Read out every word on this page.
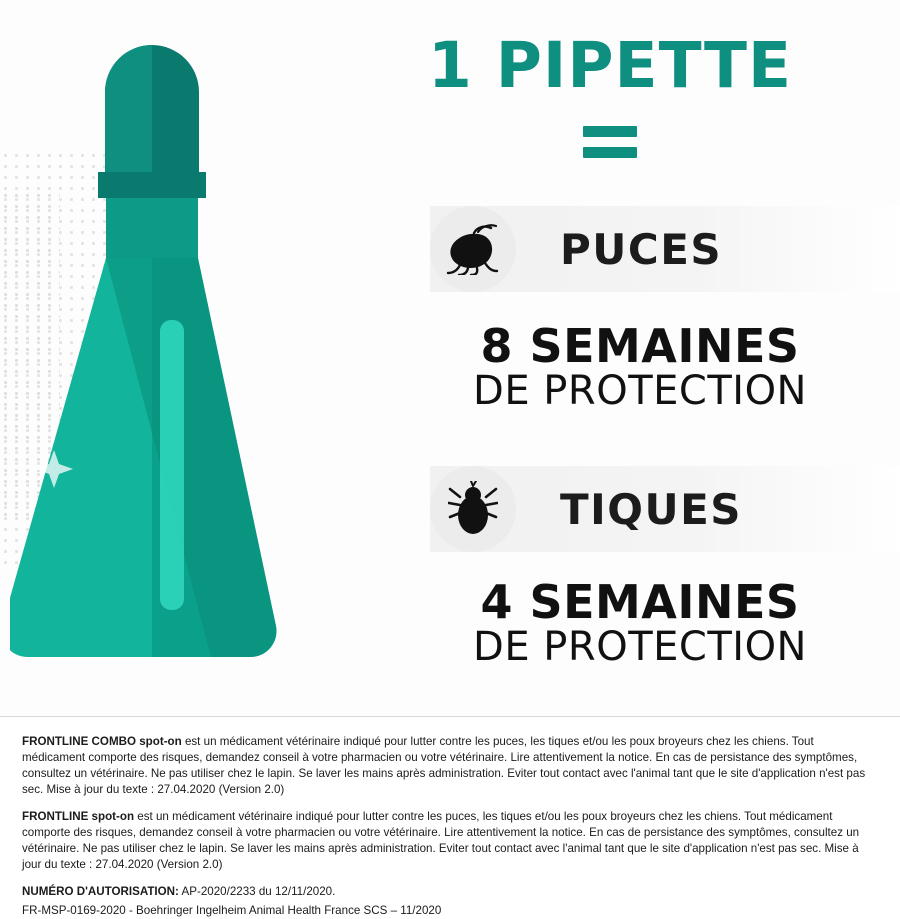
1 PIPETTE
PUCES
8 SEMAINES
DE PROTECTION
TIQUES
4 SEMAINES
DE PROTECTION

FRONTLINE COMBO spot-on est un médicament vétérinaire indiqué pour lutter contre les puces, les tiques et/ou les poux broyeurs chez les chiens. Tout médicament comporte des risques, demandez conseil à votre pharmacien ou votre vétérinaire. Lire attentivement la notice. En cas de persistance des symptômes, consultez un vétérinaire. Ne pas utiliser chez le lapin. Se laver les mains après administration. Eviter tout contact avec l'animal tant que le site d'application n'est pas sec. Mise à jour du texte : 27.04.2020 (Version 2.0)

FRONTLINE spot-on est un médicament vétérinaire indiqué pour lutter contre les puces, les tiques et/ou les poux broyeurs chez les chiens. Tout médicament comporte des risques, demandez conseil à votre pharmacien ou votre vétérinaire. Lire attentivement la notice. En cas de persistance des symptômes, consultez un vétérinaire. Ne pas utiliser chez le lapin. Se laver les mains après administration. Eviter tout contact avec l'animal tant que le site d'application n'est pas sec. Mise à jour du texte : 27.04.2020 (Version 2.0)

NUMÉRO D'AUTORISATION: AP-2020/2233 du 12/11/2020.

FR-MSP-0169-2020 - Boehringer Ingelheim Animal Health France SCS – 11/2020
